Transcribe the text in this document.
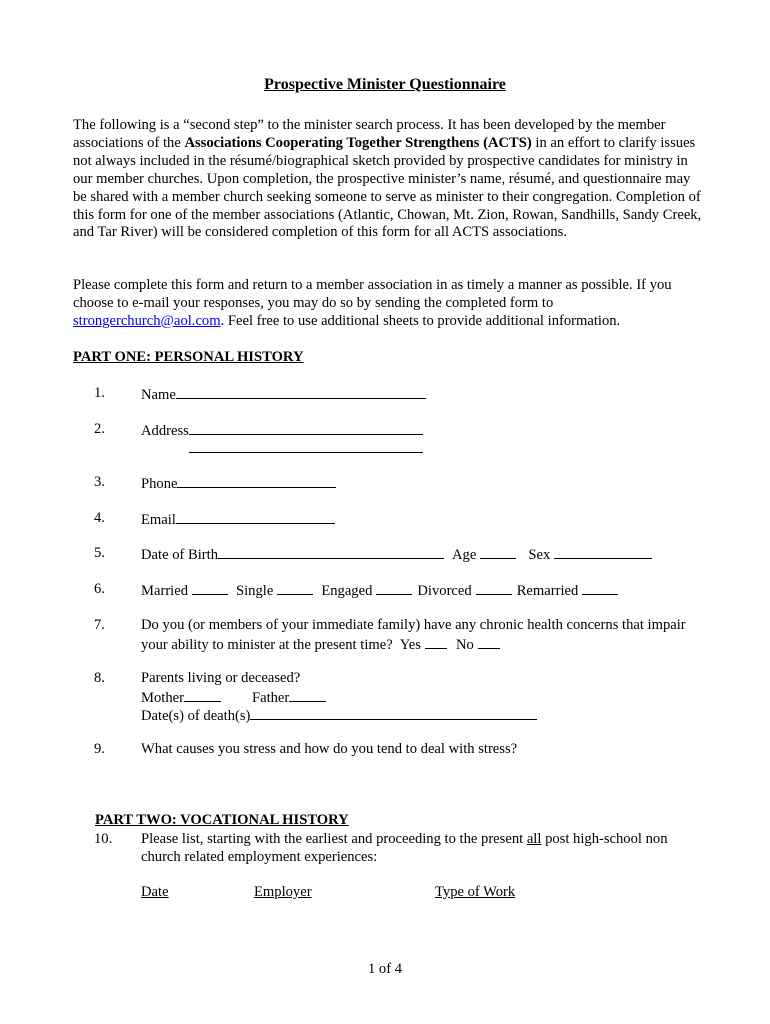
Prospective Minister Questionnaire

The following is a “second step” to the minister search process. It has been developed by the member associations of the Associations Cooperating Together Strengthens (ACTS) in an effort to clarify issues not always included in the résumé/biographical sketch provided by prospective candidates for ministry in our member churches. Upon completion, the prospective minister’s name, résumé, and questionnaire may be shared with a member church seeking someone to serve as minister to their congregation. Completion of this form for one of the member associations (Atlantic, Chowan, Mt. Zion, Rowan, Sandhills, Sandy Creek, and Tar River) will be considered completion of this form for all ACTS associations.

Please complete this form and return to a member association in as timely a manner as possible. If you choose to e-mail your responses, you may do so by sending the completed form to strongerchurch@aol.com. Feel free to use additional sheets to provide additional information.

PART ONE: PERSONAL HISTORY
1. Name
2. Address
3. Phone
4. Email
5. Date of Birth	Age	Sex
6. Married	Single	Engaged	Divorced	Remarried
7. Do you (or members of your immediate family) have any chronic health concerns that impair your ability to minister at the present time? Yes No
8. Parents living or deceased?
Mother	Father
Date(s) of death(s)
9. What causes you stress and how do you tend to deal with stress?
PART TWO: VOCATIONAL HISTORY
10. Please list, starting with the earliest and proceeding to the present all post high-school non church related employment experiences:
Date	Employer	Type of Work
1 of 4
